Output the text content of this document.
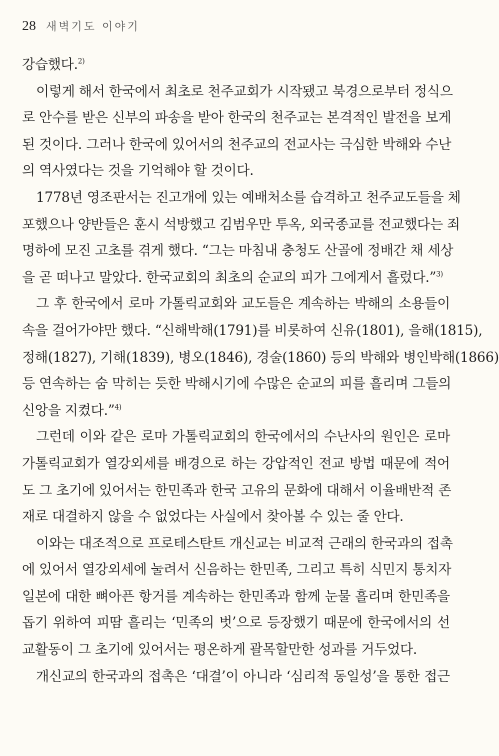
28 새벽기도 이야기
강습했다.$^{2)}$
이렇게 해서 한국에서 최초로 천주교회가 시작됐고 북경으로부터 정식으
로 안수를 받은 신부의 파송을 받아 한국의 천주교는 본격적인 발전을 보게
된 것이다. 그러나 한국에 있어서의 천주교의 전교사는 극심한 박해와 수난
의 역사였다는 것을 기억해야 할 것이다.
1778년 영조판서는 진고개에 있는 예배처소를 습격하고 천주교도들을 체
포했으나 양반들은 훈시 석방했고 김범우만 투옥, 외국종교를 전교했다는 죄
명하에 모진 고초를 겪게 했다. “그는 마침내 충청도 산골에 정배간 채 세상
을 곧 떠나고 말았다. 한국교회의 최초의 순교의 피가 그에게서 흘렀다.”$^{3)}$
그 후 한국에서 로마 가톨릭교회와 교도들은 계속하는 박해의 소용들이
속을 걸어가야만 했다. “신해박해(1791)를 비롯하여 신유(1801), 을해(1815),
정해(1827), 기해(1839), 병오(1846), 경술(1860) 등의 박해와 병인박해(1866)
등 연속하는 숨 막히는 듯한 박해시기에 수많은 순교의 피를 흘리며 그들의
신앙을 지켰다.”$^{4)}$
그런데 이와 같은 로마 가톨릭교회의 한국에서의 수난사의 원인은 로마
가톨릭교회가 열강외세를 배경으로 하는 강압적인 전교 방법 때문에 적어
도 그 초기에 있어서는 한민족과 한국 고유의 문화에 대해서 이율배반적 존
재로 대결하지 않을 수 없었다는 사실에서 찾아볼 수 있는 줄 안다.
이와는 대조적으로 프로테스탄트 개신교는 비교적 근래의 한국과의 접촉
에 있어서 열강외세에 눌려서 신음하는 한민족, 그리고 특히 식민지 통치자
일본에 대한 뼈아픈 항거를 계속하는 한민족과 함께 눈물 흘리며 한민족을
돕기 위하여 피땀 흘리는 ‘민족의 벗’으로 등장했기 때문에 한국에서의 선
교활동이 그 초기에 있어서는 평온하게 괄목할만한 성과를 거두었다.
개신교의 한국과의 접촉은 ‘대결’이 아니라 ‘심리적 동일성’을 통한 접근
